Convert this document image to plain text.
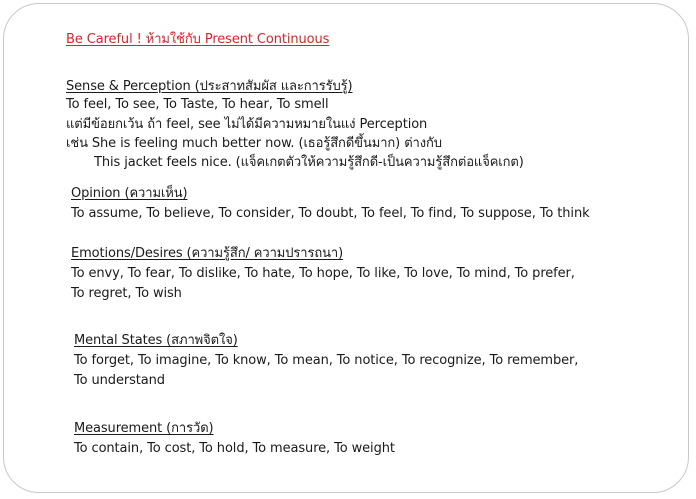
Be Careful ! ห้ามใช้กับ Present Continuous
Sense & Perception (ประสาทสัมผัส และการรับรู้)
To feel, To see, To Taste, To hear, To smell
แต่มีข้อยกเว้น ถ้า feel, see ไม่ได้มีความหมายในแง่ Perception
เช่น She is feeling much better now. (เธอรู้สึกดีขึ้นมาก) ต่างกับ
This jacket feels nice. (แจ็คเกตตัวให้ความรู้สึกดี-เป็นความรู้สึกต่อแจ็คเกต)
Opinion (ความเห็น)
To assume, To believe, To consider, To doubt, To feel, To find, To suppose, To think
Emotions/Desires (ความรู้สึก/ ความปรารถนา)
To envy, To fear, To dislike, To hate, To hope, To like, To love, To mind, To prefer,
To regret, To wish
Mental States (สภาพจิตใจ)
To forget, To imagine, To know, To mean, To notice, To recognize, To remember,
To understand
Measurement (การวัด)
To contain, To cost, To hold, To measure, To weight
